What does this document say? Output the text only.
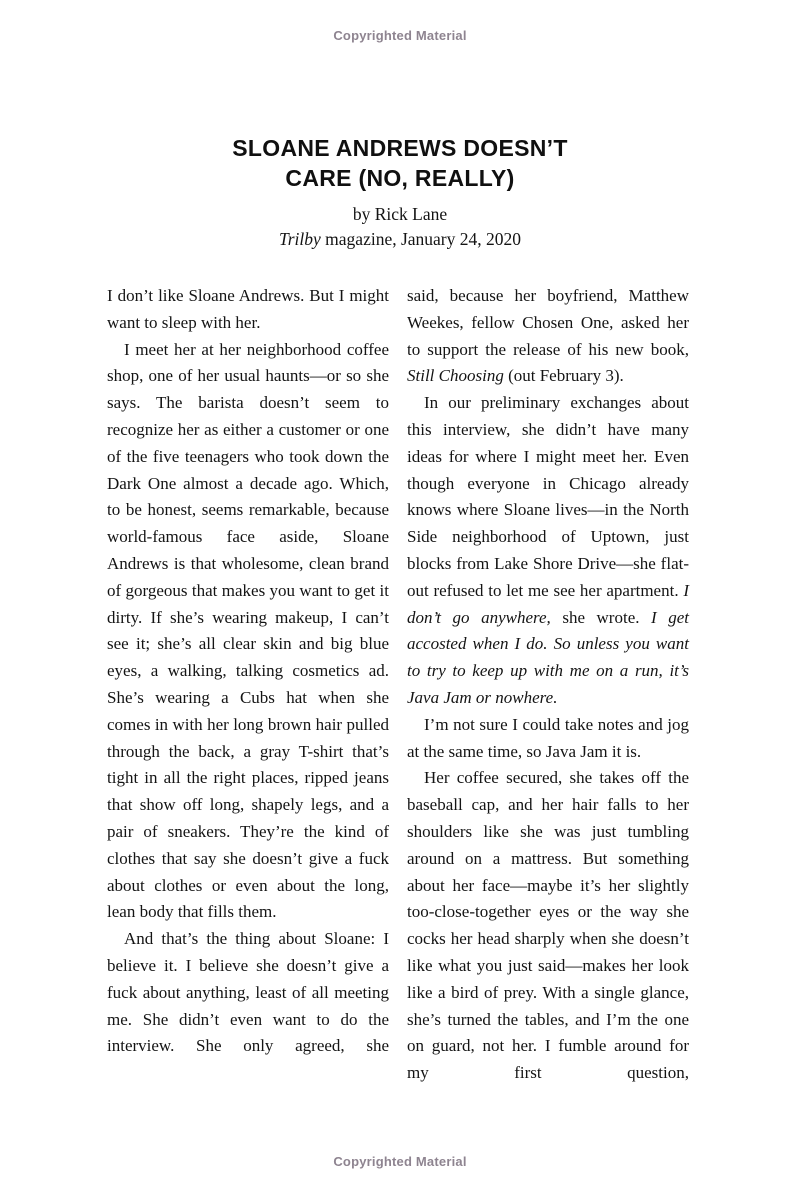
Copyrighted Material
SLOANE ANDREWS DOESN’T
CARE (NO, REALLY)
by Rick Lane
Trilby magazine, January 24, 2020

I don’t like Sloane Andrews. But I might want to sleep with her.

I meet her at her neighborhood coffee shop, one of her usual haunts—or so she says. The barista doesn’t seem to recognize her as either a customer or one of the five teenagers who took down the Dark One almost a decade ago. Which, to be honest, seems remarkable, because world-famous face aside, Sloane Andrews is that wholesome, clean brand of gorgeous that makes you want to get it dirty. If she’s wearing makeup, I can’t see it; she’s all clear skin and big blue eyes, a walking, talking cosmetics ad. She’s wearing a Cubs hat when she comes in with her long brown hair pulled through the back, a gray T-shirt that’s tight in all the right places, ripped jeans that show off long, shapely legs, and a pair of sneakers. They’re the kind of clothes that say she doesn’t give a fuck about clothes or even about the long, lean body that fills them.

And that’s the thing about Sloane: I believe it. I believe she doesn’t give a fuck about anything, least of all meeting me. She didn’t even want to do the interview. She only agreed, she

said, because her boyfriend, Matthew Weekes, fellow Chosen One, asked her to support the release of his new book, Still Choosing (out February 3).

In our preliminary exchanges about this interview, she didn’t have many ideas for where I might meet her. Even though everyone in Chicago already knows where Sloane lives—in the North Side neighborhood of Uptown, just blocks from Lake Shore Drive—she flat-out refused to let me see her apartment. I don’t go anywhere, she wrote. I get accosted when I do. So unless you want to try to keep up with me on a run, it’s Java Jam or nowhere.

I’m not sure I could take notes and jog at the same time, so Java Jam it is.

Her coffee secured, she takes off the baseball cap, and her hair falls to her shoulders like she was just tumbling around on a mattress. But something about her face—maybe it’s her slightly too-close-together eyes or the way she cocks her head sharply when she doesn’t like what you just said—makes her look like a bird of prey. With a single glance, she’s turned the tables, and I’m the one on guard, not her. I fumble around for my first question,

Copyrighted Material
